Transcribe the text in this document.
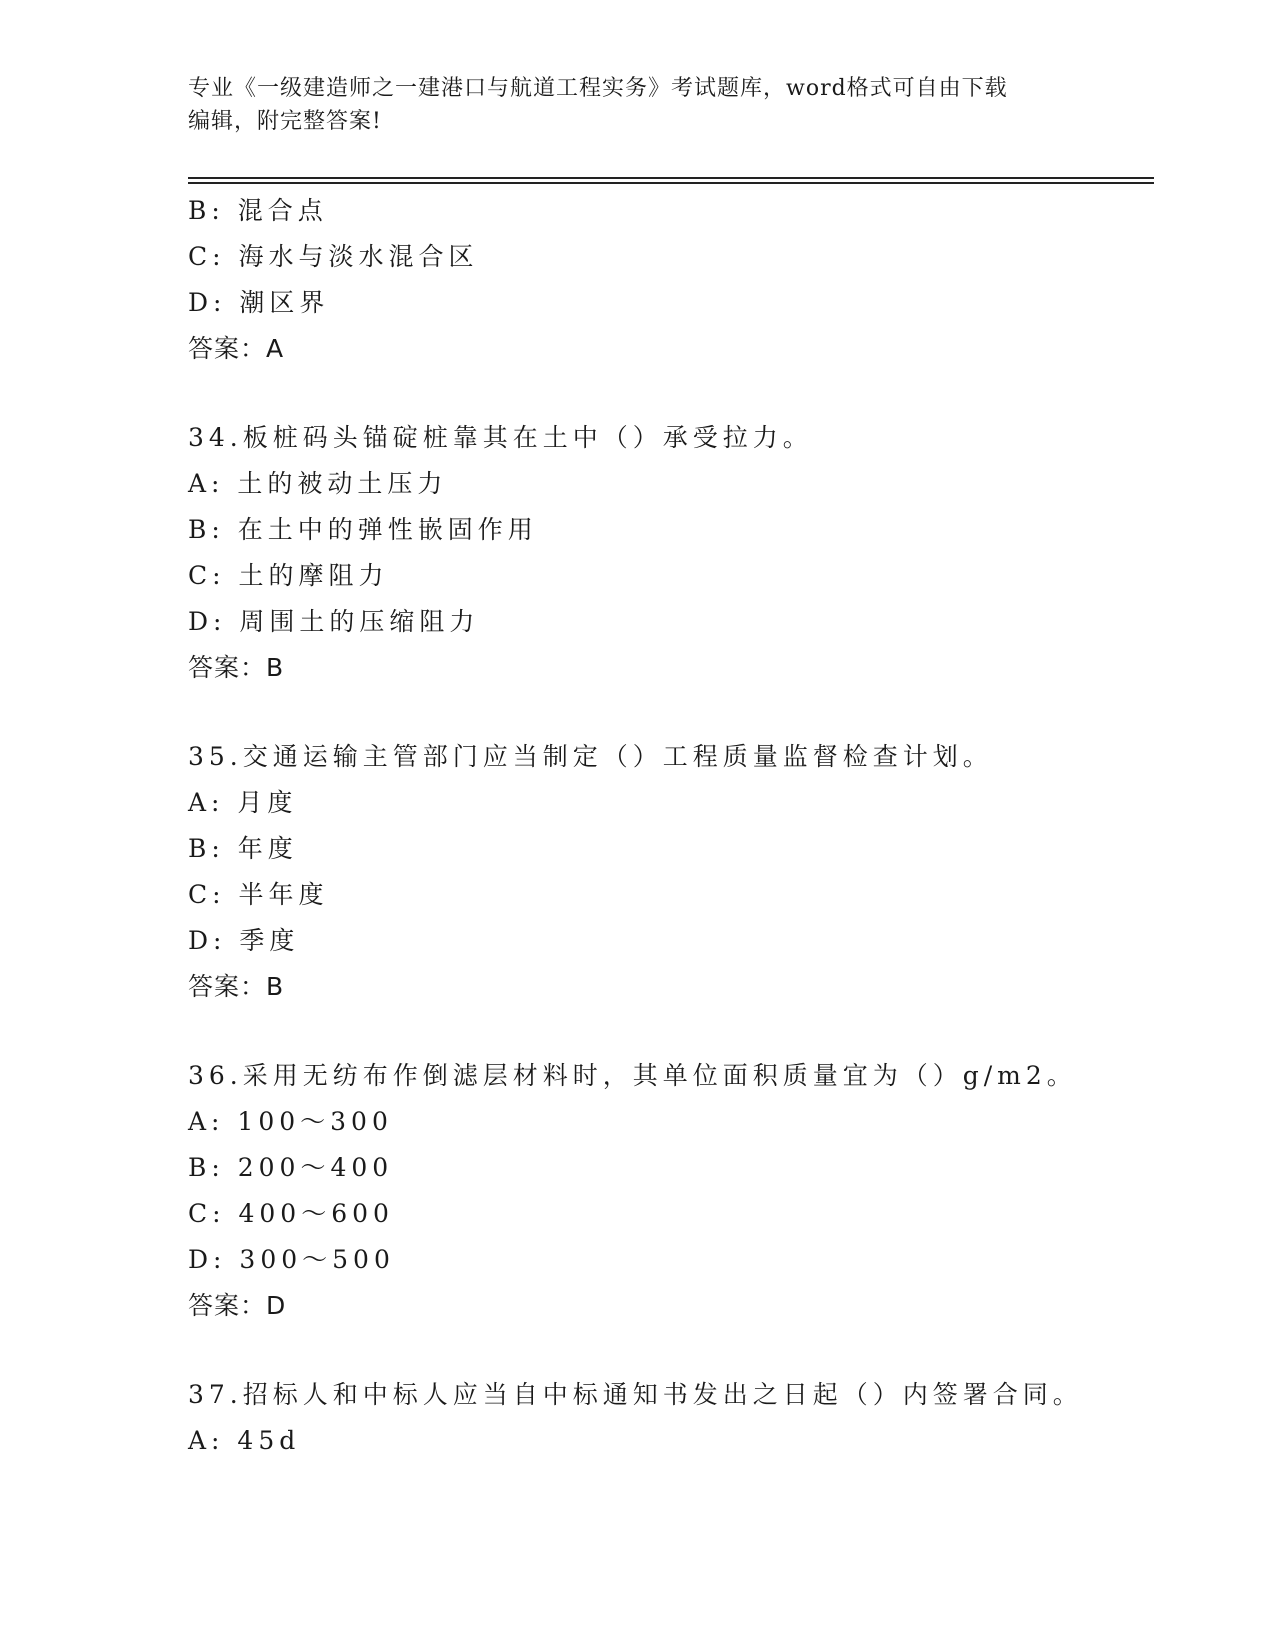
专业《一级建造师之一建港口与航道工程实务》考试题库，word格式可自由下载
编辑，附完整答案!
B: 混合点
C: 海水与淡水混合区
D: 潮区界
答案：A
34.板桩码头锚碇桩靠其在土中（）承受拉力。
A: 土的被动土压力
B: 在土中的弹性嵌固作用
C: 土的摩阻力
D: 周围土的压缩阻力
答案：B
35.交通运输主管部门应当制定（）工程质量监督检查计划。
A: 月度
B: 年度
C: 半年度
D: 季度
答案：B
36.采用无纺布作倒滤层材料时，其单位面积质量宜为（）g/m2。
A: 100～300
B: 200～400
C: 400～600
D: 300～500
答案：D
37.招标人和中标人应当自中标通知书发出之日起（）内签署合同。
A: 45d
